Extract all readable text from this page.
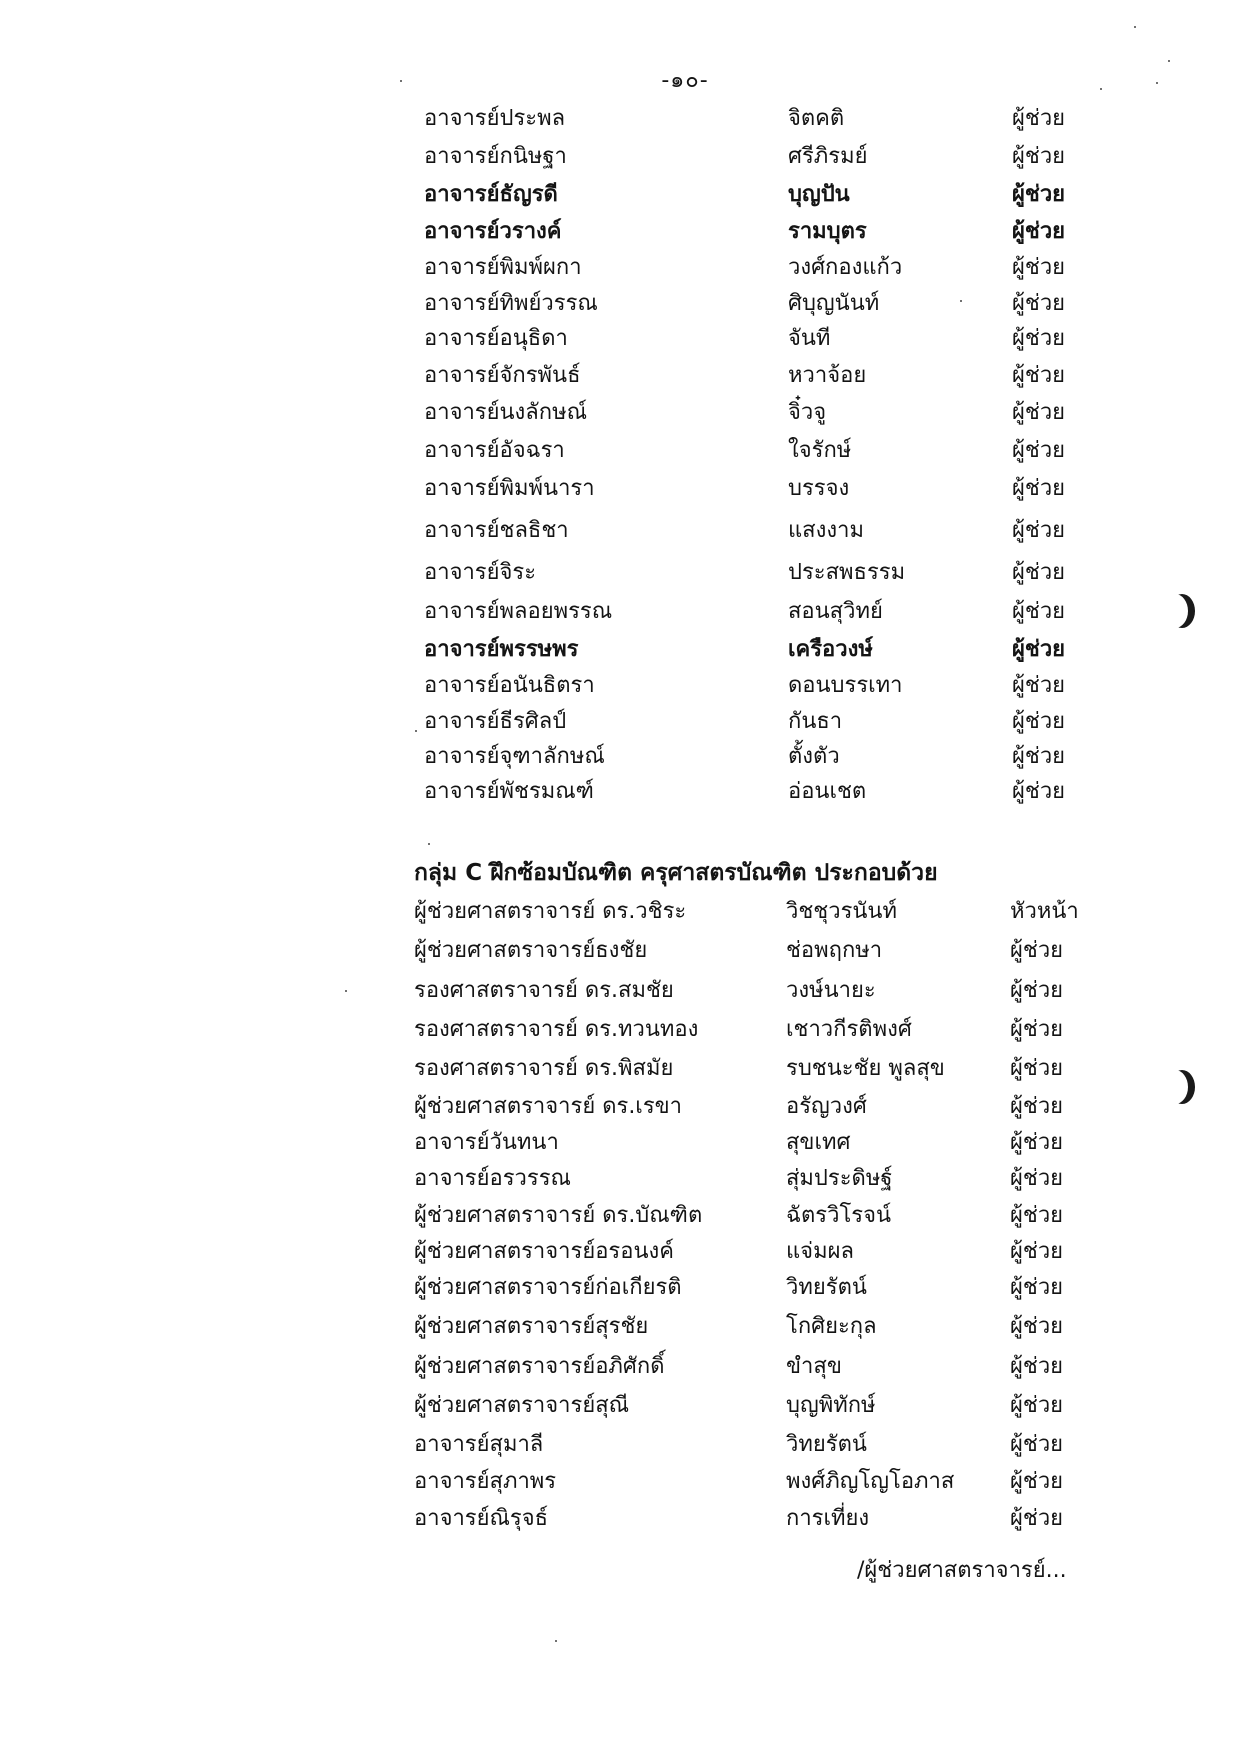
-๑๐-
อาจารย์ประพล	จิตคติ	ผู้ช่วย
อาจารย์กนิษฐา	ศรีภิรมย์	ผู้ช่วย
อาจารย์ธัญรดี	บุญปัน	ผู้ช่วย
อาจารย์วรางค์	รามบุตร	ผู้ช่วย
อาจารย์พิมพ์ผกา	วงศ์กองแก้ว	ผู้ช่วย
อาจารย์ทิพย์วรรณ	ศิบุญนันท์	ผู้ช่วย
อาจารย์อนุธิดา	จันที	ผู้ช่วย
อาจารย์จักรพันธ์	หวาจ้อย	ผู้ช่วย
อาจารย์นงลักษณ์	จิ๋วจู	ผู้ช่วย
อาจารย์อัจฉรา	ใจรักษ์	ผู้ช่วย
อาจารย์พิมพ์นารา	บรรจง	ผู้ช่วย
อาจารย์ชลธิชา	แสงงาม	ผู้ช่วย
อาจารย์จิระ	ประสพธรรม	ผู้ช่วย
อาจารย์พลอยพรรณ	สอนสุวิทย์	ผู้ช่วย
อาจารย์พรรษพร	เครือวงษ์	ผู้ช่วย
อาจารย์อนันธิตรา	ดอนบรรเทา	ผู้ช่วย
อาจารย์ธีรศิลป์	กันธา	ผู้ช่วย
อาจารย์จุฑาลักษณ์	ตั้งตัว	ผู้ช่วย
อาจารย์พัชรมณฑ์	อ่อนเชต	ผู้ช่วย
กลุ่ม C ฝึกซ้อมบัณฑิต ครุศาสตรบัณฑิต ประกอบด้วย
ผู้ช่วยศาสตราจารย์ ดร.วชิระ	วิชชุวรนันท์	หัวหน้า
ผู้ช่วยศาสตราจารย์ธงชัย	ช่อพฤกษา	ผู้ช่วย
รองศาสตราจารย์ ดร.สมชัย	วงษ์นายะ	ผู้ช่วย
รองศาสตราจารย์ ดร.ทวนทอง	เชาวกีรติพงศ์	ผู้ช่วย
รองศาสตราจารย์ ดร.พิสมัย	รบชนะชัย พูลสุข	ผู้ช่วย
ผู้ช่วยศาสตราจารย์ ดร.เรขา	อรัญวงศ์	ผู้ช่วย
อาจารย์วันทนา	สุขเทศ	ผู้ช่วย
อาจารย์อรวรรณ	สุ่มประดิษฐ์	ผู้ช่วย
ผู้ช่วยศาสตราจารย์ ดร.บัณฑิต	ฉัตรวิโรจน์	ผู้ช่วย
ผู้ช่วยศาสตราจารย์อรอนงค์	แจ่มผล	ผู้ช่วย
ผู้ช่วยศาสตราจารย์ก่อเกียรติ	วิทยรัตน์	ผู้ช่วย
ผู้ช่วยศาสตราจารย์สุรชัย	โกศิยะกุล	ผู้ช่วย
ผู้ช่วยศาสตราจารย์อภิศักดิ์	ขำสุข	ผู้ช่วย
ผู้ช่วยศาสตราจารย์สุณี	บุญพิทักษ์	ผู้ช่วย
อาจารย์สุมาลี	วิทยรัตน์	ผู้ช่วย
อาจารย์สุภาพร	พงศ์ภิญโญโอภาส	ผู้ช่วย
อาจารย์ณิรุจธ์	การเที่ยง	ผู้ช่วย
/ผู้ช่วยศาสตราจารย์...
